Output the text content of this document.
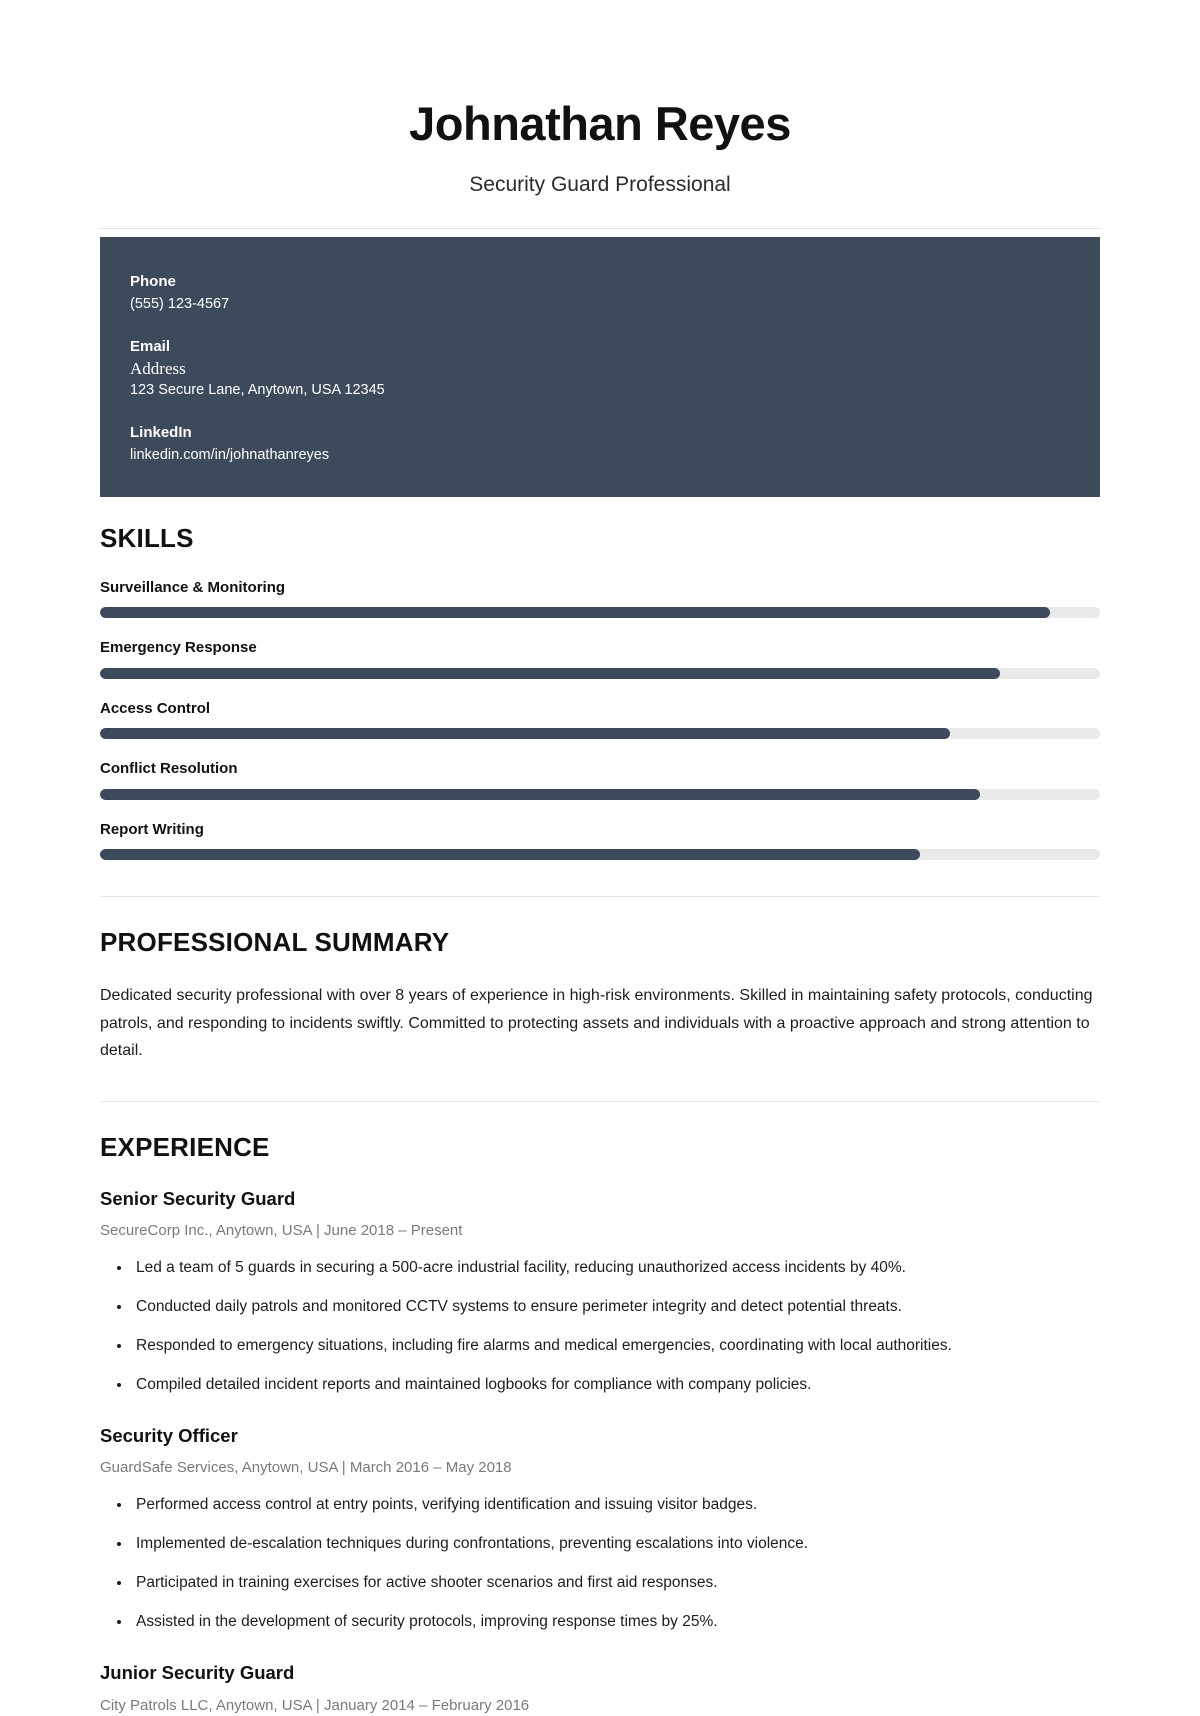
Johnathan Reyes

Security Guard Professional

Phone
(555) 123-4567
Email
Address
123 Secure Lane, Anytown, USA 12345
LinkedIn
linkedin.com/in/johnathanreyes
SKILLS
Surveillance & Monitoring
Emergency Response
Access Control
Conflict Resolution
Report Writing
PROFESSIONAL SUMMARY

Dedicated security professional with over 8 years of experience in high-risk environments. Skilled in maintaining safety protocols, conducting patrols, and responding to incidents swiftly. Committed to protecting assets and individuals with a proactive approach and strong attention to detail.

EXPERIENCE
Senior Security Guard
SecureCorp Inc., Anytown, USA | June 2018 – Present
• Led a team of 5 guards in securing a 500-acre industrial facility, reducing unauthorized access incidents by 40%.
• Conducted daily patrols and monitored CCTV systems to ensure perimeter integrity and detect potential threats.
• Responded to emergency situations, including fire alarms and medical emergencies, coordinating with local authorities.
• Compiled detailed incident reports and maintained logbooks for compliance with company policies.
Security Officer
GuardSafe Services, Anytown, USA | March 2016 – May 2018
• Performed access control at entry points, verifying identification and issuing visitor badges.
• Implemented de-escalation techniques during confrontations, preventing escalations into violence.
• Participated in training exercises for active shooter scenarios and first aid responses.
• Assisted in the development of security protocols, improving response times by 25%.
Junior Security Guard
City Patrols LLC, Anytown, USA | January 2014 – February 2016
